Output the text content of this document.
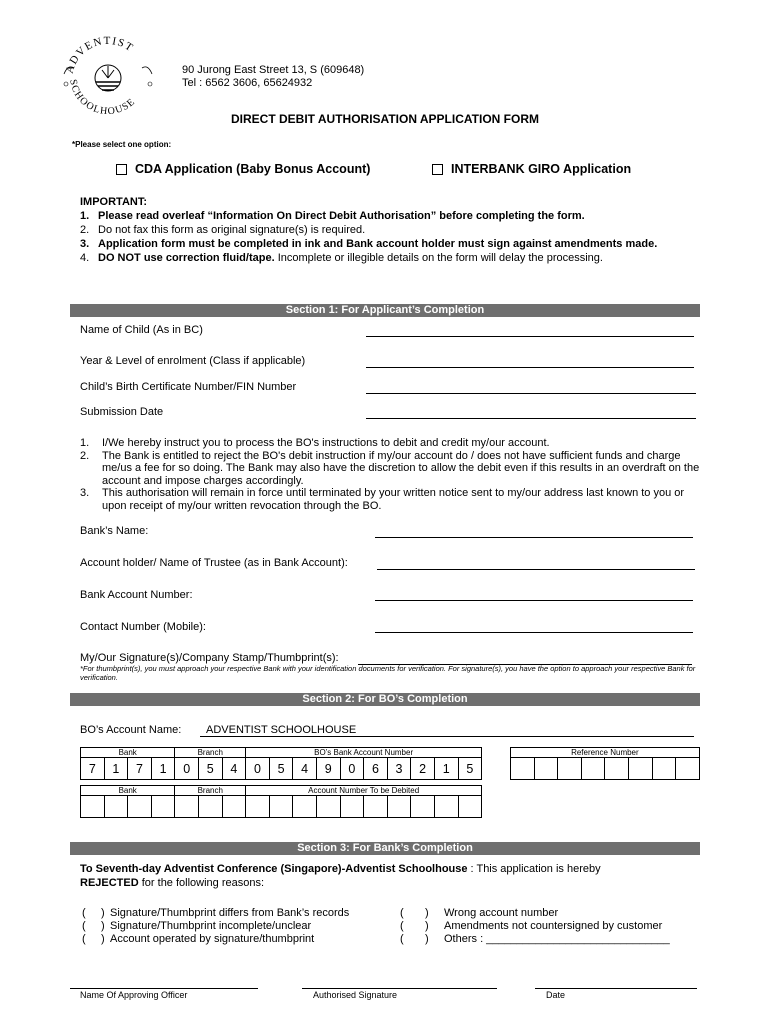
ADVENTIST
SCHOOLHOUSE
90 Jurong East Street 13, S (609648)
Tel : 6562 3606, 65624932
DIRECT DEBIT AUTHORISATION APPLICATION FORM
*Please select one option:
CDA Application (Baby Bonus Account)	INTERBANK GIRO Application
IMPORTANT:
1. Please read overleaf “Information On Direct Debit Authorisation” before completing the form.
2. Do not fax this form as original signature(s) is required.
3. Application form must be completed in ink and Bank account holder must sign against amendments made.
4. DO NOT use correction fluid/tape. Incomplete or illegible details on the form will delay the processing.
Section 1: For Applicant’s Completion
Name of Child (As in BC)
Year & Level of enrolment (Class if applicable)
Child’s Birth Certificate Number/FIN Number
Submission Date
1.	I/We hereby instruct you to process the BO's instructions to debit and credit my/our account.
2.	The Bank is entitled to reject the BO's debit instruction if my/our account do / does not have sufficient funds and charge me/us a fee for so doing. The Bank may also have the discretion to allow the debit even if this results in an overdraft on the account and impose charges accordingly.
3.	This authorisation will remain in force until terminated by your written notice sent to my/our address last known to you or upon receipt of my/our written revocation through the BO.
Bank’s Name:
Account holder/ Name of Trustee (as in Bank Account):
Bank Account Number:
Contact Number (Mobile):
My/Our Signature(s)/Company Stamp/Thumbprint(s):
*For thumbprint(s), you must approach your respective Bank with your identification documents for verification. For signature(s), you have the option to approach your respective Bank for verification.
Section 2: For BO’s Completion
BO’s Account Name: ADVENTIST SCHOOLHOUSE
Bank				Branch			BO’s Bank Account Number									
7	1	7	1	0	5	4	0	5	4	9	0	6	3	2	1	5
Reference Number

Bank				Branch			Account Number To be Debited									

Section 3: For Bank’s Completion
To Seventh-day Adventist Conference (Singapore)-Adventist Schoolhouse : This application is hereby
REJECTED for the following reasons:
(     ) Signature/Thumbprint differs from Bank’s records
(     ) Signature/Thumbprint incomplete/unclear
(     ) Account operated by signature/thumbprint
(       ) Wrong account number
(       ) Amendments not countersigned by customer
(       ) Others : ______________________________
Name Of Approving Officer	Authorised Signature	Date
